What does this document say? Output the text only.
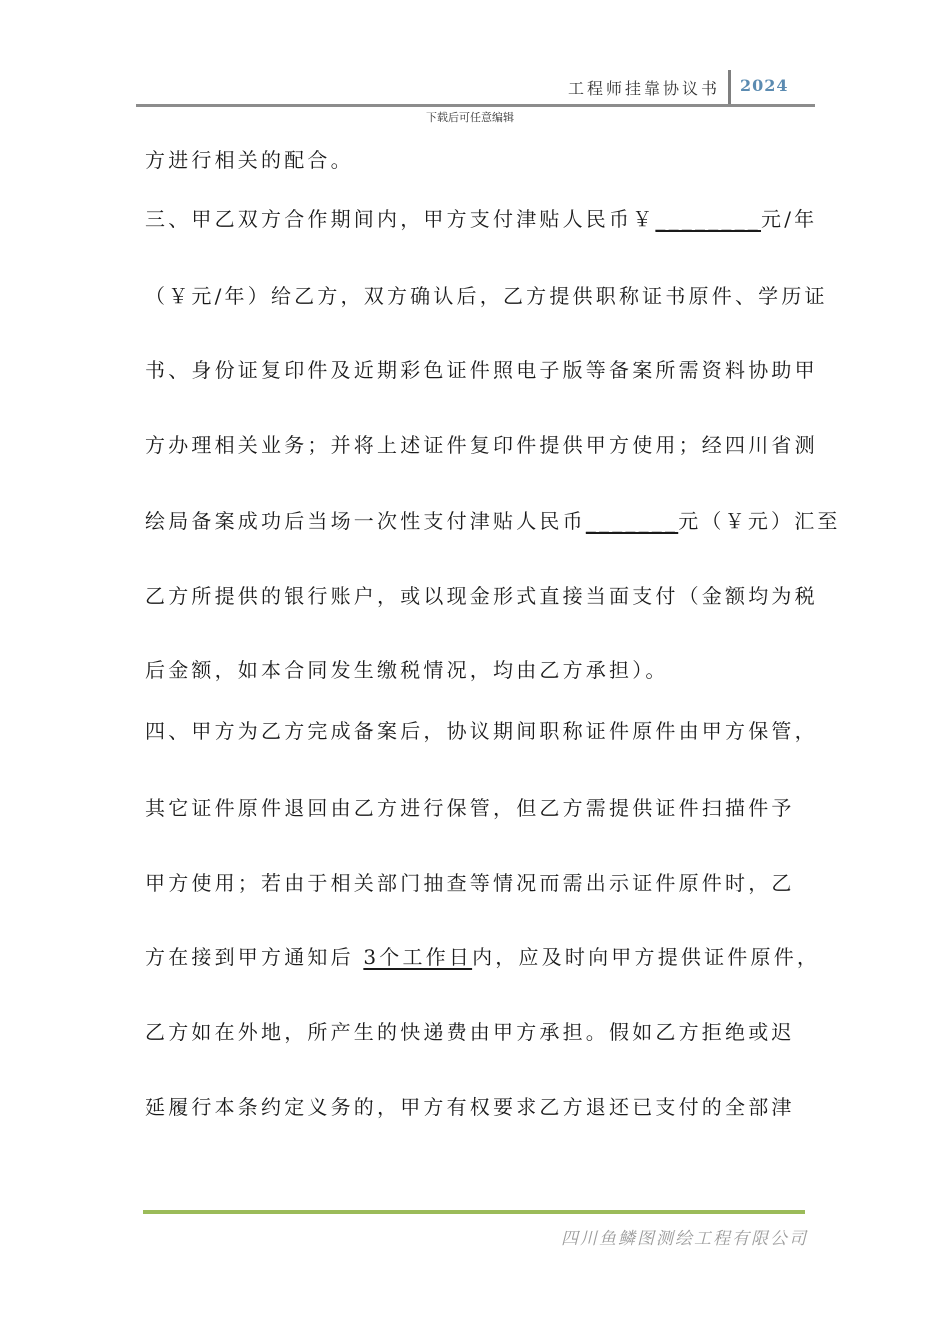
工程师挂靠协议书 2024
下载后可任意编辑
方进行相关的配合。
三、甲乙双方合作期间内，甲方支付津贴人民币￥________元/年
（￥元/年）给乙方，双方确认后，乙方提供职称证书原件、学历证
书、身份证复印件及近期彩色证件照电子版等备案所需资料协助甲
方办理相关业务；并将上述证件复印件提供甲方使用；经四川省测
绘局备案成功后当场一次性支付津贴人民币_______元（￥元）汇至
乙方所提供的银行账户，或以现金形式直接当面支付（金额均为税
后金额，如本合同发生缴税情况，均由乙方承担）。
四、甲方为乙方完成备案后，协议期间职称证件原件由甲方保管，
其它证件原件退回由乙方进行保管，但乙方需提供证件扫描件予
甲方使用；若由于相关部门抽查等情况而需出示证件原件时，乙
方在接到甲方通知后 3个工作日内，应及时向甲方提供证件原件，
乙方如在外地，所产生的快递费由甲方承担。假如乙方拒绝或迟
延履行本条约定义务的，甲方有权要求乙方退还已支付的全部津
四川鱼鳞图测绘工程有限公司
